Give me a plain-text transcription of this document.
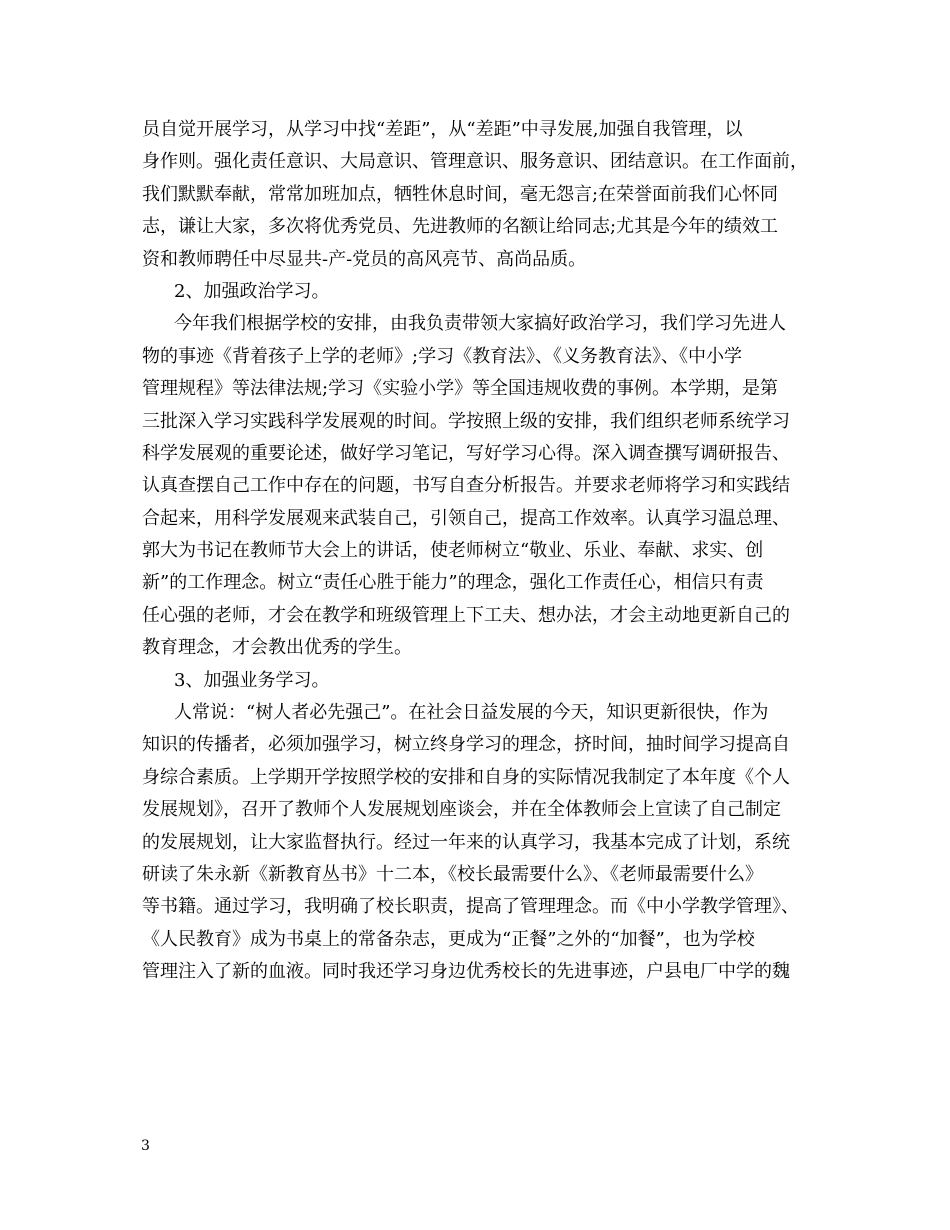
员自觉开展学习，从学习中找“差距”，从“差距”中寻发展,加强自我管理，以
身作则。强化责任意识、大局意识、管理意识、服务意识、团结意识。在工作面前，
我们默默奉献，常常加班加点，牺牲休息时间，毫无怨言;在荣誉面前我们心怀同
志，谦让大家，多次将优秀党员、先进教师的名额让给同志;尤其是今年的绩效工
资和教师聘任中尽显共-产-党员的高风亮节、高尚品质。
2、加强政治学习。
今年我们根据学校的安排，由我负责带领大家搞好政治学习，我们学习先进人
物的事迹《背着孩子上学的老师》;学习《教育法》、《义务教育法》、《中小学
管理规程》等法律法规;学习《实验小学》等全国违规收费的事例。本学期，是第
三批深入学习实践科学发展观的时间。学按照上级的安排，我们组织老师系统学习
科学发展观的重要论述，做好学习笔记，写好学习心得。深入调查撰写调研报告、
认真查摆自己工作中存在的问题，书写自查分析报告。并要求老师将学习和实践结
合起来，用科学发展观来武装自己，引领自己，提高工作效率。认真学习温总理、
郭大为书记在教师节大会上的讲话，使老师树立“敬业、乐业、奉献、求实、创
新”的工作理念。树立“责任心胜于能力”的理念，强化工作责任心，相信只有责
任心强的老师，才会在教学和班级管理上下工夫、想办法，才会主动地更新自己的
教育理念，才会教出优秀的学生。
3、加强业务学习。
人常说：“树人者必先强己”。在社会日益发展的今天，知识更新很快，作为
知识的传播者，必须加强学习，树立终身学习的理念，挤时间，抽时间学习提高自
身综合素质。上学期开学按照学校的安排和自身的实际情况我制定了本年度《个人
发展规划》，召开了教师个人发展规划座谈会，并在全体教师会上宣读了自己制定
的发展规划，让大家监督执行。经过一年来的认真学习，我基本完成了计划，系统
研读了朱永新《新教育丛书》十二本，《校长最需要什么》、《老师最需要什么》
等书籍。通过学习，我明确了校长职责，提高了管理理念。而《中小学教学管理》、
《人民教育》成为书桌上的常备杂志，更成为“正餐”之外的“加餐”，也为学校
管理注入了新的血液。同时我还学习身边优秀校长的先进事迹，户县电厂中学的魏
3
